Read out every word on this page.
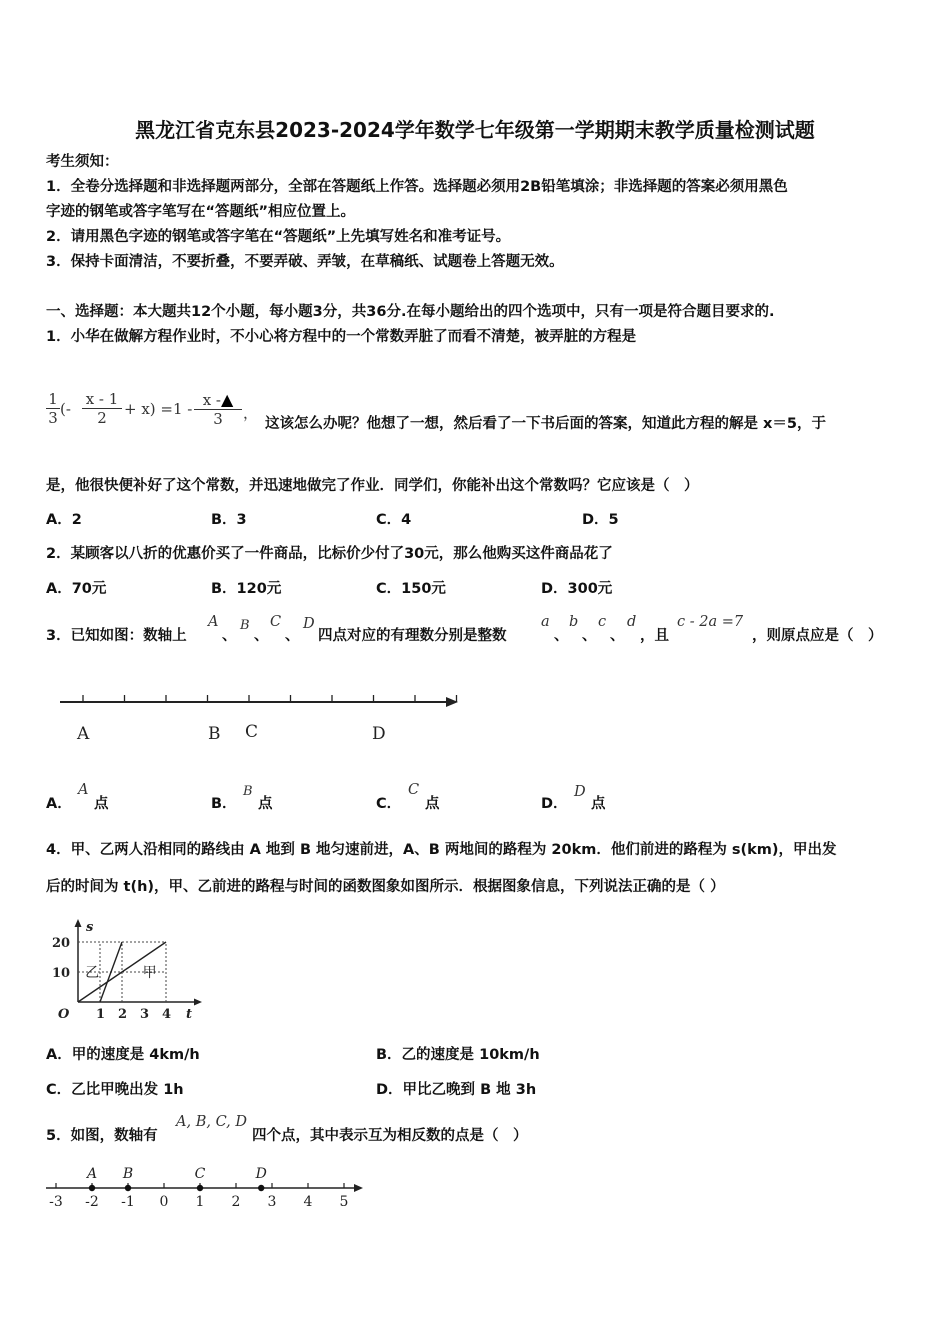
黑龙江省克东县2023-2024学年数学七年级第一学期期末教学质量检测试题
考生须知：
1．全卷分选择题和非选择题两部分，全部在答题纸上作答。选择题必须用2B铅笔填涂；非选择题的答案必须用黑色
字迹的钢笔或答字笔写在“答题纸”相应位置上。
2．请用黑色字迹的钢笔或答字笔在“答题纸”上先填写姓名和准考证号。
3．保持卡面清洁，不要折叠，不要弄破、弄皱，在草稿纸、试题卷上答题无效。
一、选择题：本大题共12个小题，每小题3分，共36分.在每小题给出的四个选项中，只有一项是符合题目要求的.
1．小华在做解方程作业时，不小心将方程中的一个常数弄脏了而看不清楚，被弄脏的方程是
$\frac{1}{3}$ (- $\frac{x - 1}{2} + x) =1 - \frac{x -▲}{3}$ ，
这该怎么办呢？他想了一想，然后看了一下书后面的答案，知道此方程的解是 x＝5，于
是，他很快便补好了这个常数，并迅速地做完了作业．同学们，你能补出这个常数吗？它应该是（　）
A．2	B．3	C．4	D．5
2．某顾客以八折的优惠价买了一件商品，比标价少付了30元，那么他购买这件商品花了
A．70元	B．120元	C．150元	D．300元
3．已知如图：数轴上
A
、
B
、
C
、
D
四点对应的有理数分别是整数
a
、
b
、
c
、
d
，且
c - 2a =7
，则原点应是（　）
A	B C	D
A．
A
点	B．
B
点	C．
C
点	D．
D
点
4．甲、乙两人沿相同的路线由 A 地到 B 地匀速前进，A、B 两地间的路程为 20km．他们前进的路程为 s(km)，甲出发
后的时间为 t(h)，甲、乙前进的路程与时间的函数图象如图所示．根据图象信息，下列说法正确的是（ ）
s
t
O 1 2 3 4
10
20
甲
乙
A．甲的速度是 4km/h	B．乙的速度是 10km/h
C．乙比甲晚出发 1h	D．甲比乙晚到 B 地 3h
5．如图，数轴有
A, B, C, D
四个点，其中表示互为相反数的点是（　）
-3 -2 -1 0 1 2 3 4 5
A B	C	D
